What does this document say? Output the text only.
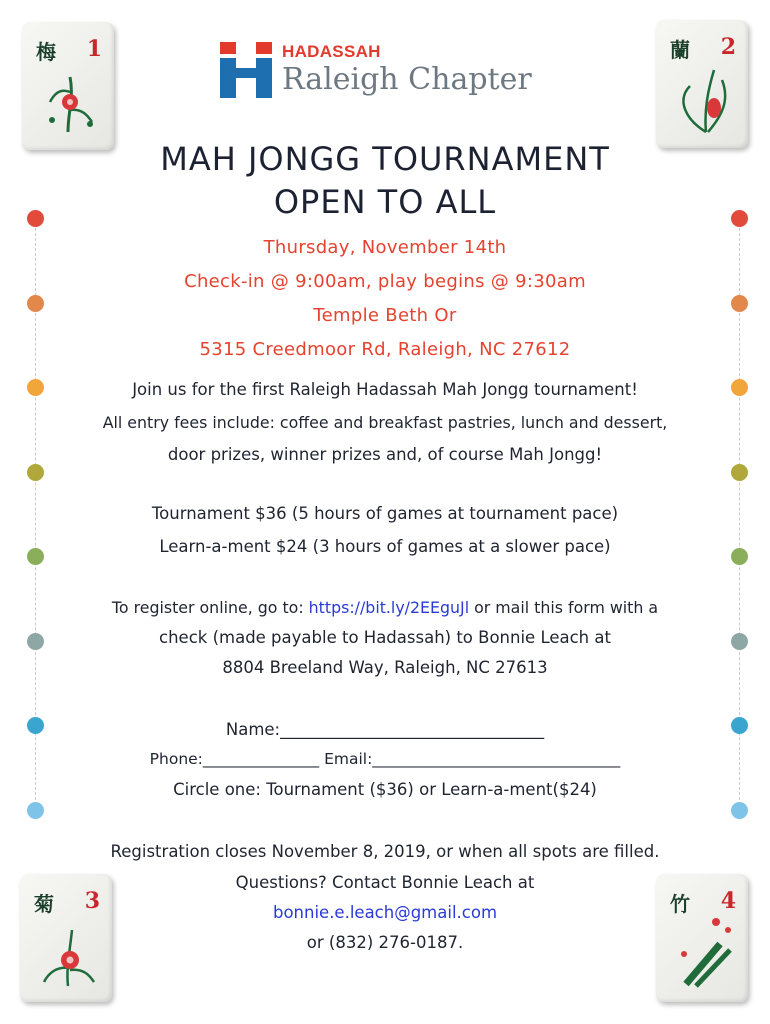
梅 1	蘭 2
菊 3	竹 4
HADASSAH
Raleigh Chapter
MAH JONGG TOURNAMENT
OPEN TO ALL
Thursday, November 14th
Check-in @ 9:00am, play begins @ 9:30am
Temple Beth Or
5315 Creedmoor Rd, Raleigh, NC 27612
Join us for the first Raleigh Hadassah Mah Jongg tournament!
All entry fees include: coffee and breakfast pastries, lunch and dessert,
door prizes, winner prizes and, of course Mah Jongg!
Tournament $36 (5 hours of games at tournament pace)
Learn-a-ment $24 (3 hours of games at a slower pace)
To register online, go to: https://bit.ly/2EEguJl or mail this form with a
check (made payable to Hadassah) to Bonnie Leach at
8804 Breeland Way, Raleigh, NC 27613
Name:________________________________
Phone:_______________ Email:________________________________
Circle one: Tournament ($36) or Learn-a-ment($24)
Registration closes November 8, 2019, or when all spots are filled.
Questions? Contact Bonnie Leach at
bonnie.e.leach@gmail.com
or (832) 276-0187.
